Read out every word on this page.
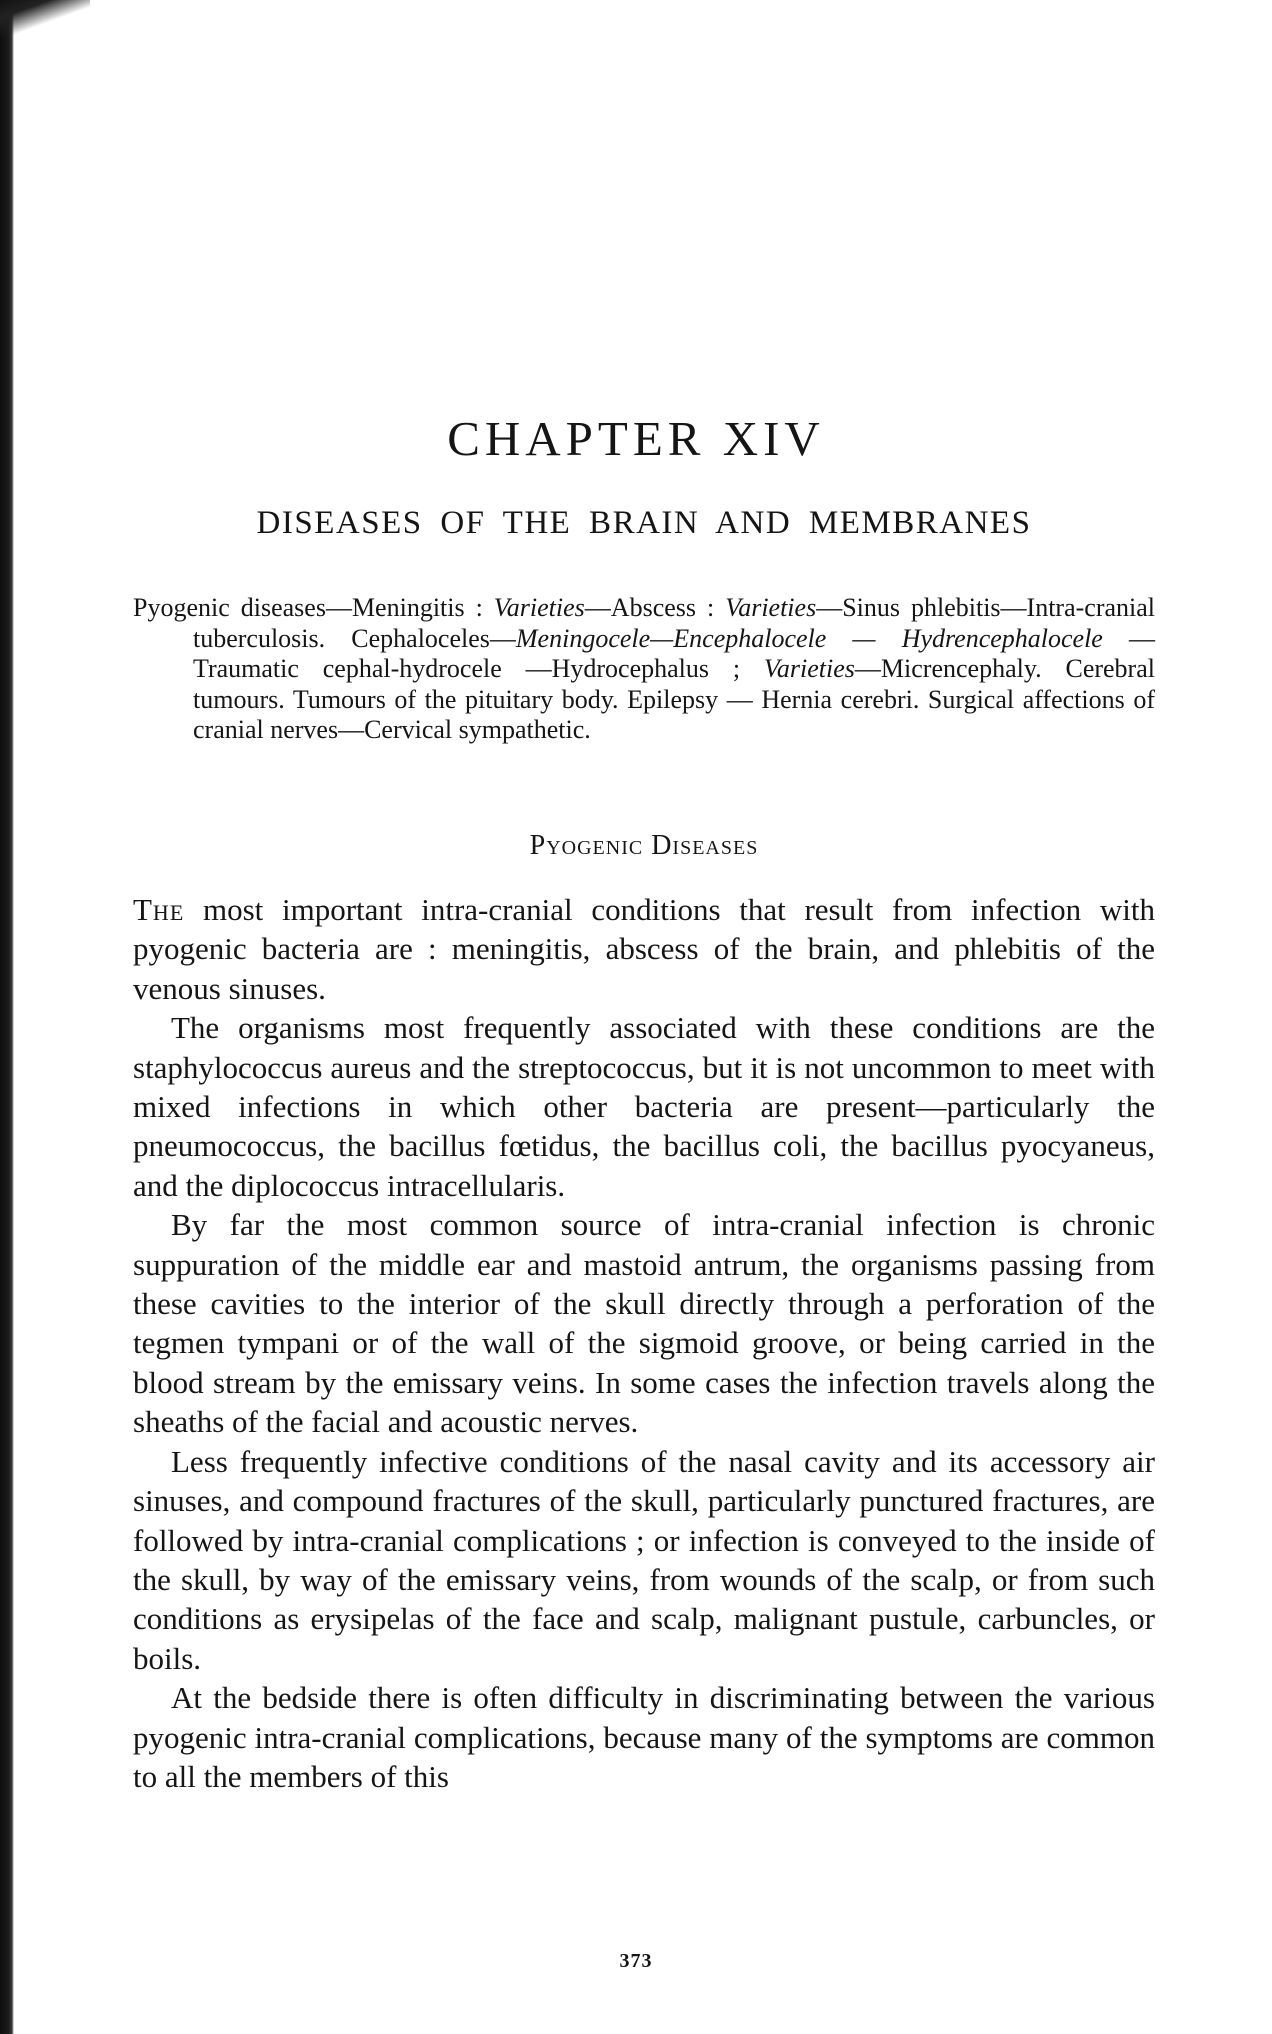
CHAPTER XIV
DISEASES OF THE BRAIN AND MEMBRANES

Pyogenic diseases—Meningitis : Varieties—Abscess : Varieties—Sinus phlebitis—Intra-cranial tuberculosis. Cephaloceles—Meningocele—Encephalocele — Hydrencephalocele — Traumatic cephal-hydrocele —Hydrocephalus ; Varieties—Micrencephaly. Cerebral tumours. Tumours of the pituitary body. Epilepsy — Hernia cerebri. Surgical affections of cranial nerves—Cervical sympathetic.

Pyogenic Diseases

The most important intra-cranial conditions that result from infection with pyogenic bacteria are : meningitis, abscess of the brain, and phlebitis of the venous sinuses.

The organisms most frequently associated with these conditions are the staphylococcus aureus and the streptococcus, but it is not uncommon to meet with mixed infections in which other bacteria are present—particularly the pneumococcus, the bacillus fœtidus, the bacillus coli, the bacillus pyocyaneus, and the diplococcus intracellularis.

By far the most common source of intra-cranial infection is chronic suppuration of the middle ear and mastoid antrum, the organisms passing from these cavities to the interior of the skull directly through a perforation of the tegmen tympani or of the wall of the sigmoid groove, or being carried in the blood stream by the emissary veins. In some cases the infection travels along the sheaths of the facial and acoustic nerves.

Less frequently infective conditions of the nasal cavity and its accessory air sinuses, and compound fractures of the skull, particularly punctured fractures, are followed by intra-cranial complications ; or infection is conveyed to the inside of the skull, by way of the emissary veins, from wounds of the scalp, or from such conditions as erysipelas of the face and scalp, malignant pustule, carbuncles, or boils.

At the bedside there is often difficulty in discriminating between the various pyogenic intra-cranial complications, because many of the symptoms are common to all the members of this

373
